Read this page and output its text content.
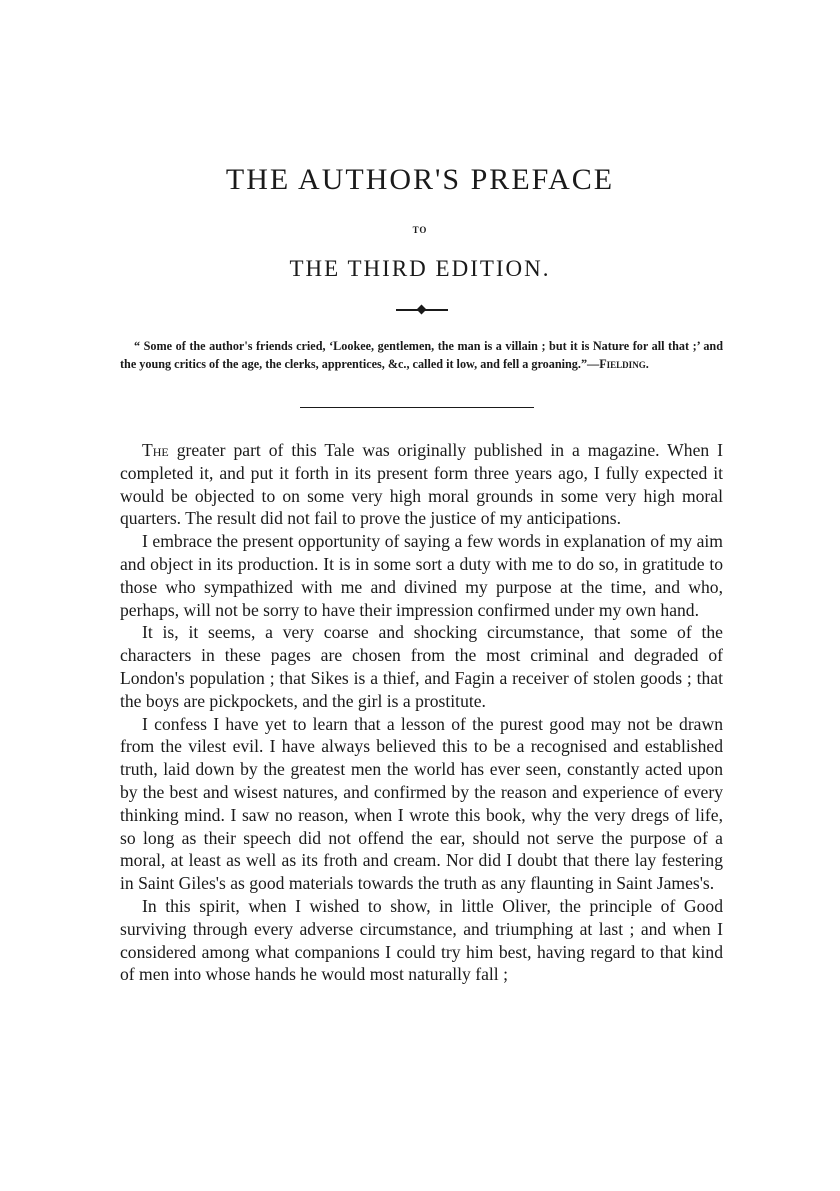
THE AUTHOR'S PREFACE
TO
THE THIRD EDITION.
“ Some of the author's friends cried, ‘Lookee, gentlemen, the man is a villain ; but it is Nature for all that ;’ and the young critics of the age, the clerks, apprentices, &c., called it low, and fell a groaning.”—Fielding.

The greater part of this Tale was originally published in a magazine. When I completed it, and put it forth in its present form three years ago, I fully expected it would be objected to on some very high moral grounds in some very high moral quarters. The result did not fail to prove the justice of my anticipations.

I embrace the present opportunity of saying a few words in explanation of my aim and object in its production. It is in some sort a duty with me to do so, in gratitude to those who sympathized with me and divined my purpose at the time, and who, perhaps, will not be sorry to have their impression confirmed under my own hand.

It is, it seems, a very coarse and shocking circumstance, that some of the characters in these pages are chosen from the most criminal and degraded of London's population ; that Sikes is a thief, and Fagin a receiver of stolen goods ; that the boys are pickpockets, and the girl is a prostitute.

I confess I have yet to learn that a lesson of the purest good may not be drawn from the vilest evil. I have always believed this to be a recognised and established truth, laid down by the greatest men the world has ever seen, constantly acted upon by the best and wisest natures, and confirmed by the reason and experience of every thinking mind. I saw no reason, when I wrote this book, why the very dregs of life, so long as their speech did not offend the ear, should not serve the purpose of a moral, at least as well as its froth and cream. Nor did I doubt that there lay festering in Saint Giles's as good materials towards the truth as any flaunting in Saint James's.

In this spirit, when I wished to show, in little Oliver, the principle of Good surviving through every adverse circumstance, and triumphing at last ; and when I considered among what companions I could try him best, having regard to that kind of men into whose hands he would most naturally fall ;
